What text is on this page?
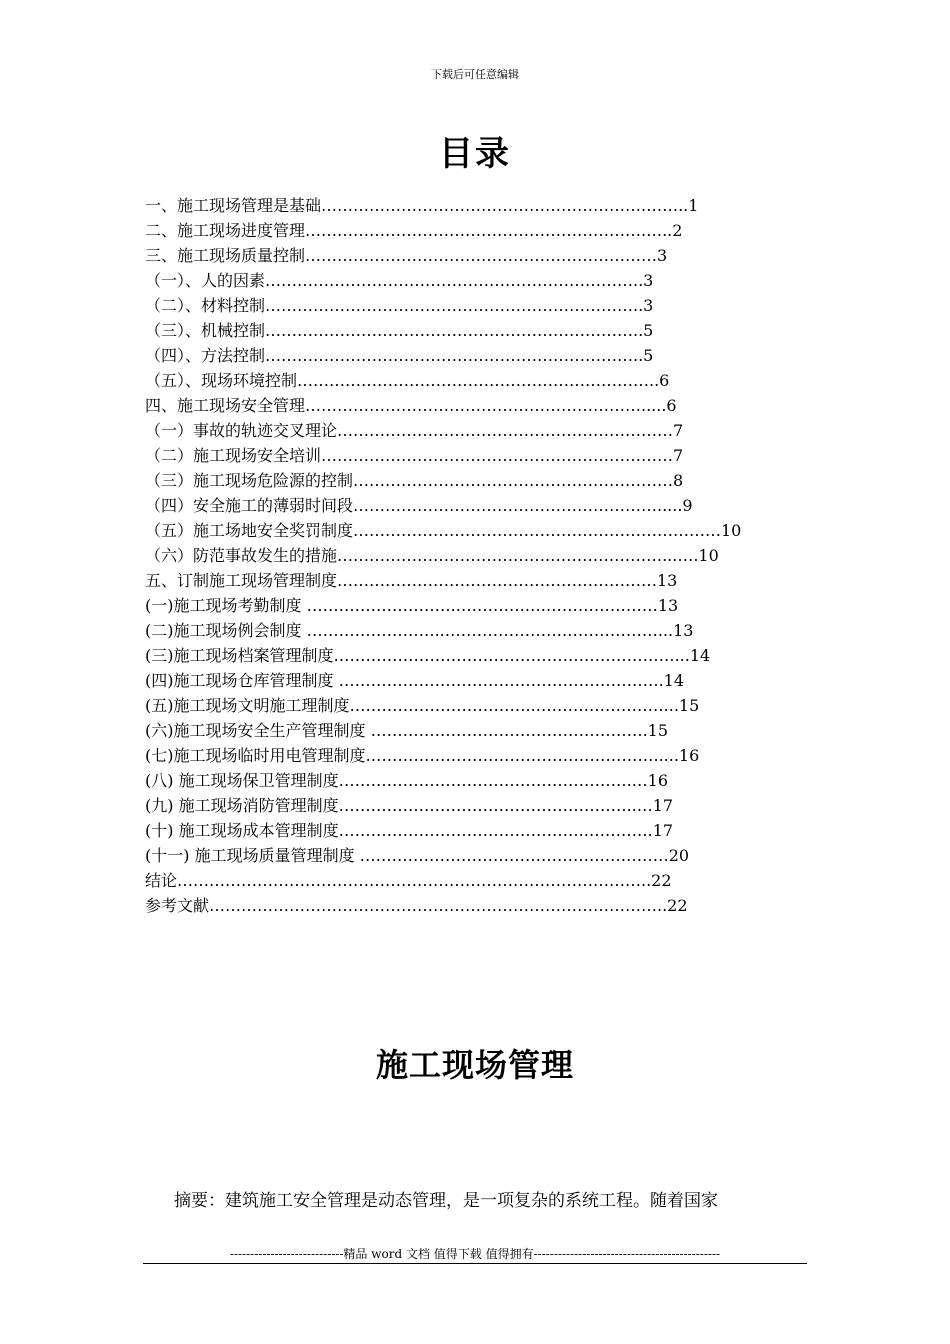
下载后可任意编辑
目录
一、施工现场管理是基础…………………………………………………….……..1
二、施工现场进度管理……………………………………………………….…..2
三、施工现场质量控制…………………………………………………………3
（一）、人的因素……………………………………………………………..3
（二）、材料控制……………………………………………………………..3
（三）、机械控制……………………………………………………………..5
（四）、方法控制……………………………………………………………..5
（五）、现场环境控制…………………………………………………………..6
四、施工现场安全管理……………………………………………………….....6
（一）事故的轨迹交叉理论………………………………………………………7
（二）施工现场安全培训…………………………………………………………7
（三）施工现场危险源的控制……………………………………………………8
（四）安全施工的薄弱时间段………………………………………………….....9
（五）施工场地安全奖罚制度……………………………………………………………10
（六）防范事故发生的措施………………………………….…………………...….10
五、订制施工现场管理制度……………………………………………………13
(一)施工现场考勤制度 ……………………….………….….…………………13
(二)施工现场例会制度 ……………………..………………….………………...13
(三)施工现场档案管理制度…………………………….…………………………...14
(四)施工现场仓库管理制度 …………………………………………………….14
(五)施工现场文明施工理制度……………………………..……………………...15
(六)施工现场安全生产管理制度 …………………………………………….15
(七)施工现场临时用电管理制度……………………………………………….....16
(八) 施工现场保卫管理制度……………………………………………….…16
(九) 施工现场消防管理制度………………………………………………..…17
(十) 施工现场成本管理制度……………………………………….………….17
(十一) 施工现场质量管理制度 ……………………………………….…………20
结论……………………………………………………………………………..22
参考文献…………………………………………………………………………..22
施工现场管理
摘要：建筑施工安全管理是动态管理，是一项复杂的系统工程。随着国家
----------------------------精品 word 文档 值得下载 值得拥有----------------------------------------------
